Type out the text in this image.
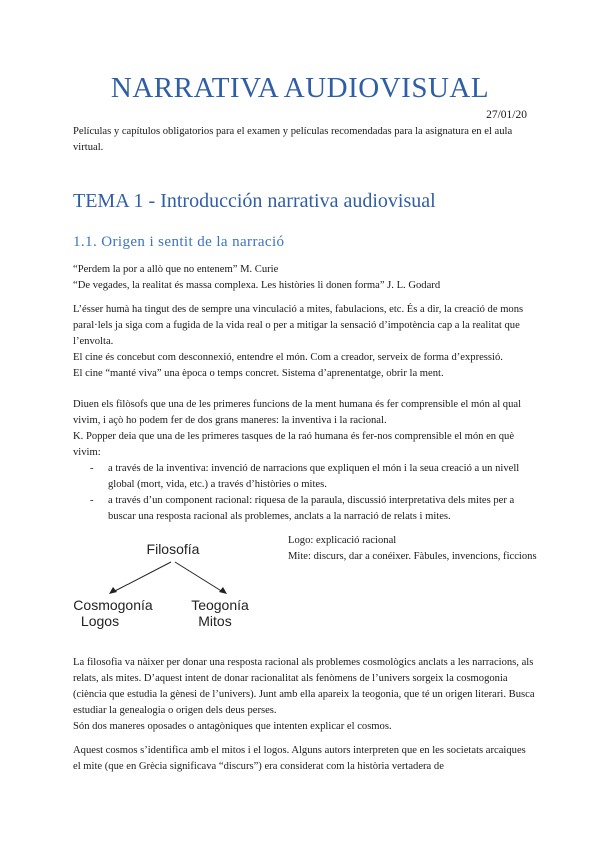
NARRATIVA AUDIOVISUAL
27/01/20
Películas y capítulos obligatorios para el examen y películas recomendadas para la asignatura en el aula virtual.
TEMA 1 - Introducción narrativa audiovisual
1.1. Origen i sentit de la narració

“Perdem la por a allò que no entenem” M. Curie

“De vegades, la realitat és massa complexa. Les històries li donen forma” J. L. Godard

L’ésser humà ha tingut des de sempre una vinculació a mites, fabulacions, etc. És a dir, la creació de mons paral·lels ja siga com a fugida de la vida real o per a mitigar la sensació d’impotència cap a la realitat que l’envolta.

El cine és concebut com desconnexió, entendre el món. Com a creador, serveix de forma d’expressió.

El cine “manté viva” una època o temps concret. Sistema d’aprenentatge, obrir la ment.

Diuen els filòsofs que una de les primeres funcions de la ment humana és fer comprensible el món al qual vivim, i açò ho podem fer de dos grans maneres: la inventiva i la racional.

K. Popper deia que una de les primeres tasques de la raó humana és fer-nos comprensible el món en què vivim:

- a través de la inventiva: invenció de narracions que expliquen el món i la seua creació a un nivell global (mort, vida, etc.) a través d’històries o mites.
- a través d’un component racional: riquesa de la paraula, discussió interpretativa dels mites per a buscar una resposta racional als problemes, anclats a la narració de relats i mites.
Filosofía
Cosmogonía
Logos
Teogonía
Mitos

Logo: explicació racional

Mite: discurs, dar a conéixer. Fàbules, invencions, ficcions

La filosofia va nàixer per donar una resposta racional als problemes cosmològics anclats a les narracions, als relats, als mites. D’aquest intent de donar racionalitat als fenòmens de l’univers sorgeix la cosmogonia (ciència que estudia la gènesi de l’univers). Junt amb ella apareix la teogonia, que té un origen literari. Busca estudiar la genealogia o origen dels deus perses.

Són dos maneres oposades o antagòniques que intenten explicar el cosmos.

Aquest cosmos s’identifica amb el mitos i el logos. Alguns autors interpreten que en les societats arcaiques el mite (que en Grècia significava “discurs”) era considerat com la història vertadera de
